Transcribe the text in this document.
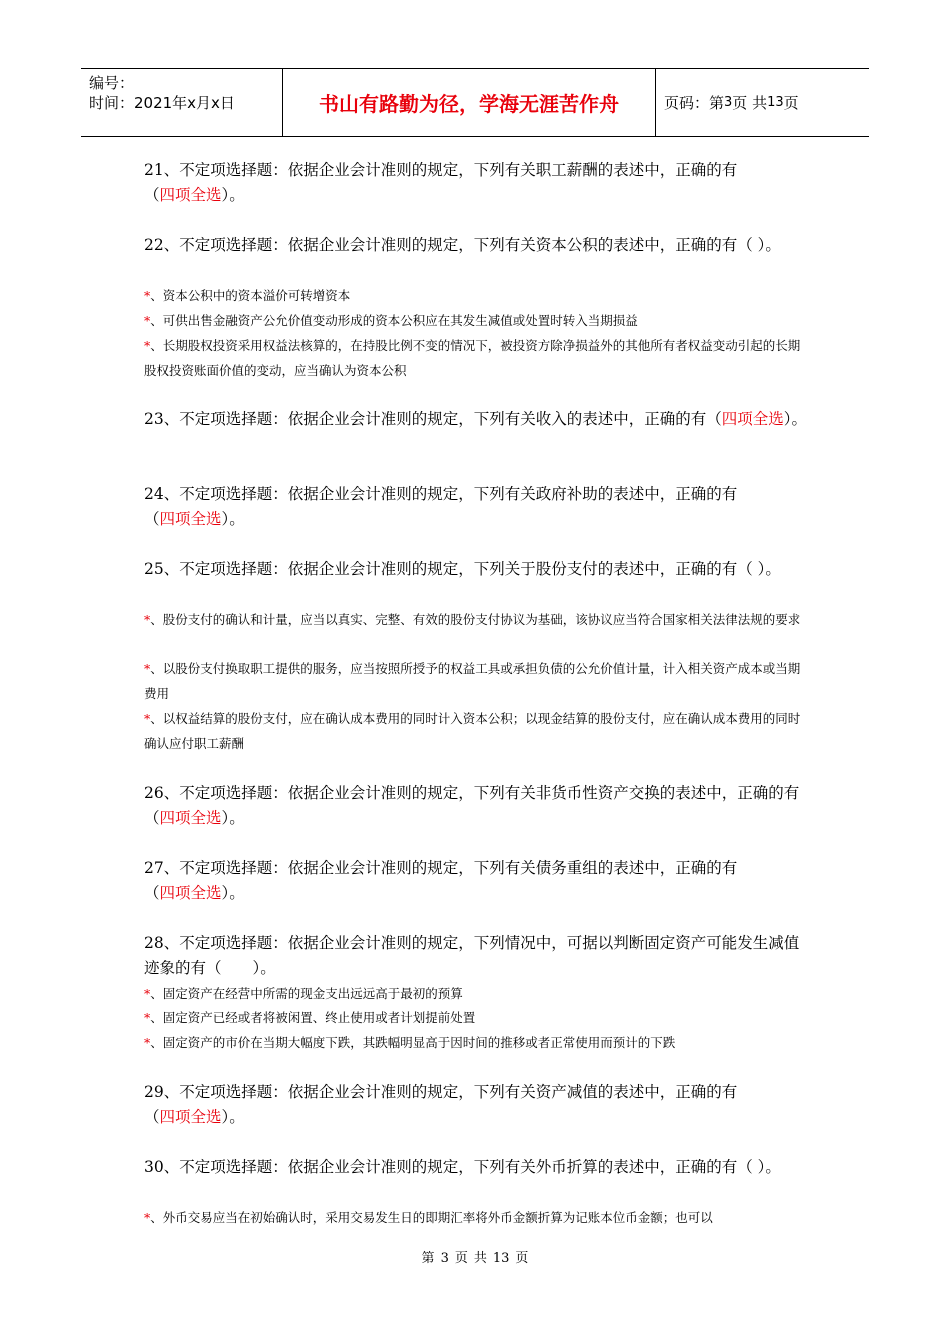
编号：
时间：2021年x月x日	书山有路勤为径，学海无涯苦作舟	页码：第 3 页 共 13 页
21、不定项选择题：依据企业会计准则的规定，下列有关职工薪酬的表述中，正确的有
（四项全选）。
22、不定项选择题：依据企业会计准则的规定，下列有关资本公积的表述中，正确的有（ ）。
*、资本公积中的资本溢价可转增资本
*、可供出售金融资产公允价值变动形成的资本公积应在其发生减值或处置时转入当期损益
*、长期股权投资采用权益法核算的，在持股比例不变的情况下，被投资方除净损益外的其他所有者权益变动引起的长期股权投资账面价值的变动，应当确认为资本公积
23、不定项选择题：依据企业会计准则的规定，下列有关收入的表述中，正确的有（四项全选）。
24、不定项选择题：依据企业会计准则的规定，下列有关政府补助的表述中，正确的有
（四项全选）。
25、不定项选择题：依据企业会计准则的规定，下列关于股份支付的表述中，正确的有（ ）。
*、股份支付的确认和计量，应当以真实、完整、有效的股份支付协议为基础，该协议应当符合国家相关法律法规的要求
*、以股份支付换取职工提供的服务，应当按照所授予的权益工具或承担负债的公允价值计量，计入相关资产成本或当期费用
*、以权益结算的股份支付，应在确认成本费用的同时计入资本公积；以现金结算的股份支付，应在确认成本费用的同时确认应付职工薪酬
26、不定项选择题：依据企业会计准则的规定，下列有关非货币性资产交换的表述中，正确的有（四项全选）。
27、不定项选择题：依据企业会计准则的规定，下列有关债务重组的表述中，正确的有
（四项全选）。
28、不定项选择题：依据企业会计准则的规定，下列情况中，可据以判断固定资产可能发生减值迹象的有（　　）。
*、固定资产在经营中所需的现金支出远远高于最初的预算
*、固定资产已经或者将被闲置、终止使用或者计划提前处置
*、固定资产的市价在当期大幅度下跌，其跌幅明显高于因时间的推移或者正常使用而预计的下跌
29、不定项选择题：依据企业会计准则的规定，下列有关资产减值的表述中，正确的有
（四项全选）。
30、不定项选择题：依据企业会计准则的规定，下列有关外币折算的表述中，正确的有（ ）。
*、外币交易应当在初始确认时，采用交易发生日的即期汇率将外币金额折算为记账本位币金额；也可以
第 3 页 共 13 页
